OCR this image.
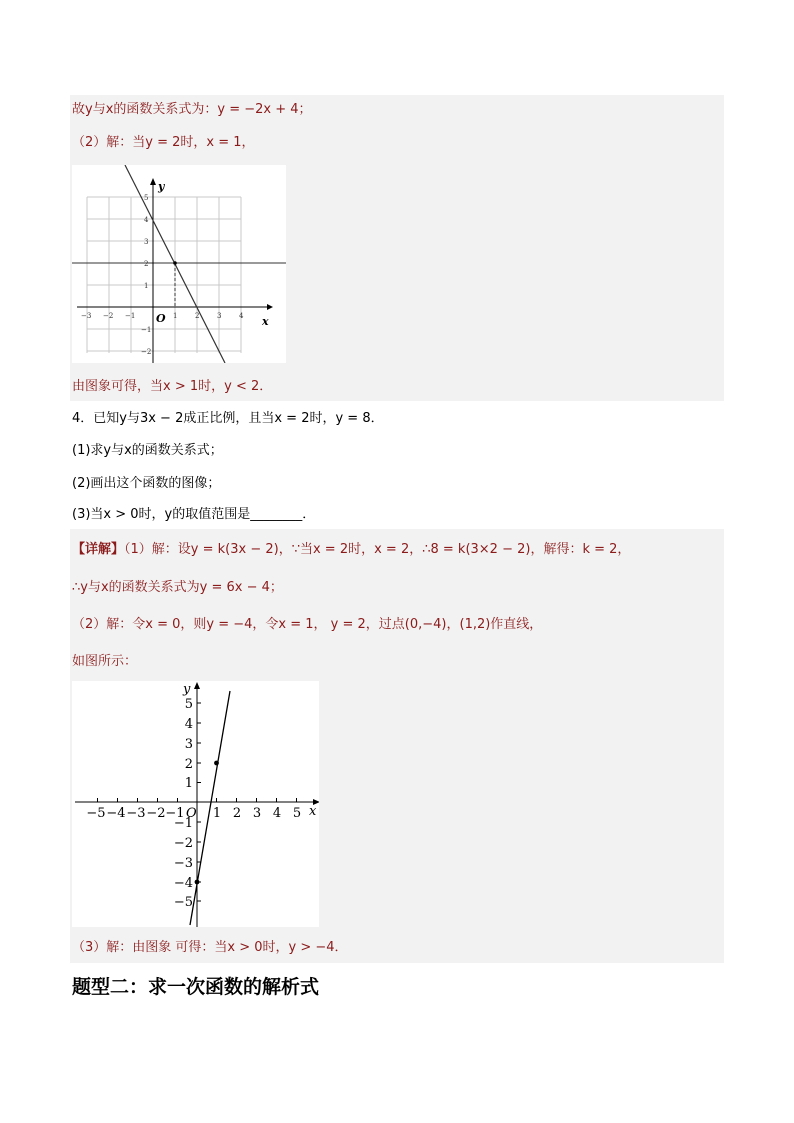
故y与x的函数关系式为：y = −2x + 4；
（2）解：当y = 2时，x = 1，
y
x
O
−3 −2 −1	1	2	3	4
5
4
3
2
1
−1
−2
由图象可得，当x > 1时，y < 2．
4．已知y与3x − 2成正比例，且当x = 2时，y = 8．
(1)求y与x的函数关系式；
(2)画出这个函数的图像；
(3)当x > 0时，y的取值范围是________．
【详解】（1）解：设y = k(3x − 2)，∵当x = 2时，x = 2，∴8 = k(3×2 − 2)，解得：k = 2，
∴y与x的函数关系式为y = 6x − 4；
（2）解：令x = 0，则y = −4，令x = 1， y = 2，过点(0,−4)，(1,2)作直线，
如图所示：
y
x
O
−5 −4 −3 −2 −1 1 2 3 4 5
5
4
3
2
1
−1
−2
−3
−4
−5
（3）解：由图象 可得：当x > 0时，y > −4．
题型二：求一次函数的解析式
